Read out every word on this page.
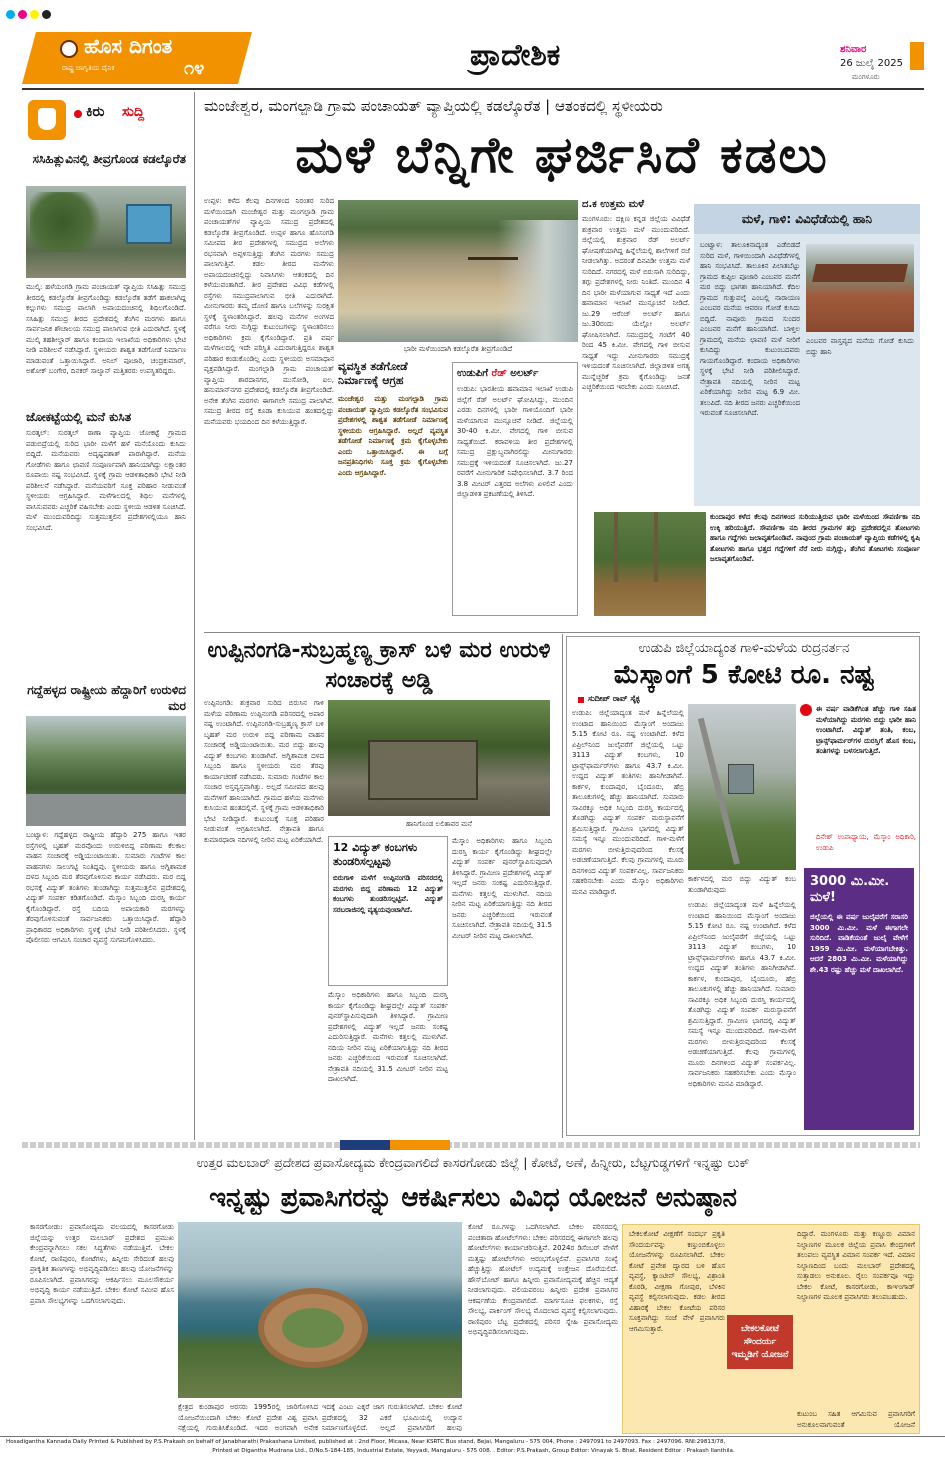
ಹೊಸ ದಿಗಂತ
ರಾಷ್ಟ್ರ ಜಾಗೃತಿಯ ದೈನಿಕ	೧೪	ಪ್ರಾದೇಶಿಕ	ಶನಿವಾರ
26 ಜುಲೈ 2025
ಮಂಗಳೂರು
ಕಿರು ಸುದ್ದಿ
ಸಸಿಹಿತ್ಲುವಿನಲ್ಲಿ ತೀವ್ರಗೊಂಡ ಕಡಲ್ಕೊರೆತ
ಮುಲ್ಕಿ: ಹಳೆಯಂಗಡಿ ಗ್ರಾಮ ಪಂಚಾಯತ್ ವ್ಯಾಪ್ತಿಯ ಸಸಿಹಿತ್ಲು ಸಮುದ್ರ ತೀರದಲ್ಲಿ ಕಡಲ್ಕೊರೆತ ತೀವ್ರಗೊಂಡಿದ್ದು ಕಡಲ್ಕೊರೆತ ತಡೆಗೆ ಹಾಕಲಾಗಿದ್ದ ಕಲ್ಲುಗಳು ಸಮುದ್ರ ಪಾಲಾಗಿ ಅಪಾಯದಂಚಿನಲ್ಲಿ ಶಿಥಿಲಗೊಂಡಿದೆ. ಸಸಿಹಿತ್ಲು ಸಮುದ್ರ ತೀರದ ಪ್ರದೇಶದಲ್ಲಿ ತೆಂಗಿನ ಮರಗಳು ಹಾಗೂ ಸಾರ್ವಜನಿಕ ಶೌಚಾಲಯ ಸಮುದ್ರ ಪಾಲಾಗುವ ಭೀತಿ ಎದುರಾಗಿದೆ. ಸ್ಥಳಕ್ಕೆ ಮುಲ್ಕಿ ತಹಶೀಲ್ದಾರ್ ಹಾಗೂ ಕಂದಾಯ ಇಲಾಖೆಯ ಅಧಿಕಾರಿಗಳು ಭೇಟಿ ನೀಡಿ ಪರಿಶೀಲನೆ ನಡೆಸಿದ್ದಾರೆ. ಸ್ಥಳೀಯರು ಶಾಶ್ವತ ತಡೆಗೋಡೆ ನಿರ್ಮಾಣ ಮಾಡುವಂತೆ ಒತ್ತಾಯಿಸಿದ್ದಾರೆ. ಅನಿಲ್ ಪೂಜಾರಿ, ಚಂದ್ರಕುಮಾರ್, ಅಶೋಕ್ ಬಂಗೇರ, ದಿನಕರ್ ಸಾಲ್ಯಾನ್ ಮತ್ತಿತರರು ಉಪಸ್ಥಿತರಿದ್ದರು.
ಜೋಕಟ್ಟೆಯಲ್ಲಿ ಮನೆ ಕುಸಿತ
ಸುರತ್ಕಲ್: ಸುರತ್ಕಲ್ ಠಾಣಾ ವ್ಯಾಪ್ತಿಯ ಜೋಕಟ್ಟೆ ಗ್ರಾಮದ ಪಡುಬಿದ್ರೆಯಲ್ಲಿ ಸುರಿದ ಭಾರೀ ಮಳೆಗೆ ಹಳೆ ಮನೆಯೊಂದು ಕುಸಿದು ಬಿದ್ದಿದೆ. ಮನೆಯವರು ಅದೃಷ್ಟವಶಾತ್ ಪಾರಾಗಿದ್ದಾರೆ. ಮನೆಯ ಗೋಡೆಗಳು ಹಾಗೂ ಛಾವಣಿ ಸಂಪೂರ್ಣವಾಗಿ ಹಾನಿಯಾಗಿದ್ದು ಲಕ್ಷಾಂತರ ರೂಪಾಯಿ ನಷ್ಟ ಸಂಭವಿಸಿದೆ. ಸ್ಥಳಕ್ಕೆ ಗ್ರಾಮ ಆಡಳಿತಾಧಿಕಾರಿ ಭೇಟಿ ನೀಡಿ ಪರಿಶೀಲನೆ ನಡೆಸಿದ್ದಾರೆ. ಮನೆಯವರಿಗೆ ಸೂಕ್ತ ಪರಿಹಾರ ನೀಡುವಂತೆ ಸ್ಥಳೀಯರು ಆಗ್ರಹಿಸಿದ್ದಾರೆ. ಮಳೆಗಾಲದಲ್ಲಿ ಶಿಥಿಲ ಮನೆಗಳಲ್ಲಿ ವಾಸಿಸುವವರು ಎಚ್ಚರಿಕೆ ವಹಿಸಬೇಕು ಎಂದು ಸ್ಥಳೀಯ ಆಡಳಿತ ಸೂಚಿಸಿದೆ. ಮಳೆ ಮುಂದುವರಿದಿದ್ದು ಸುತ್ತಮುತ್ತಲಿನ ಪ್ರದೇಶಗಳಲ್ಲಿಯೂ ಹಾನಿ ಸಂಭವಿಸಿದೆ.
ಗದ್ದೆಹಳ್ಳದ ರಾಷ್ಟ್ರೀಯ ಹೆದ್ದಾರಿಗೆ ಉರುಳಿದ ಮರ
ಬಂಟ್ವಾಳ: ಗದ್ದೆಹಳ್ಳದ ರಾಷ್ಟ್ರೀಯ ಹೆದ್ದಾರಿ 275 ಹಾಗೂ ಇತರ ರಸ್ತೆಗಳಲ್ಲಿ ಬೃಹತ್ ಮರವೊಂದು ಉರುಳಿಬಿದ್ದ ಪರಿಣಾಮ ಕೆಲಕಾಲ ವಾಹನ ಸಂಚಾರಕ್ಕೆ ಅಡ್ಡಿಯುಂಟಾಯಿತು. ಸುಮಾರು ಗಂಟೆಗಳ ಕಾಲ ವಾಹನಗಳು ಸಾಲುಗಟ್ಟಿ ನಿಂತಿದ್ದವು. ಸ್ಥಳೀಯರು ಹಾಗೂ ಅಗ್ನಿಶಾಮಕ ದಳದ ಸಿಬ್ಬಂದಿ ಮರ ತೆರವುಗೊಳಿಸುವ ಕಾರ್ಯ ನಡೆಸಿದರು. ಮರ ಬಿದ್ದ ರಭಸಕ್ಕೆ ವಿದ್ಯುತ್ ತಂತಿಗಳು ತುಂಡಾಗಿದ್ದು ಸುತ್ತಮುತ್ತಲಿನ ಪ್ರದೇಶದಲ್ಲಿ ವಿದ್ಯುತ್ ಸಂಪರ್ಕ ಕಡಿತಗೊಂಡಿದೆ. ಮೆಸ್ಕಾಂ ಸಿಬ್ಬಂದಿ ದುರಸ್ತಿ ಕಾರ್ಯ ಕೈಗೊಂಡಿದ್ದಾರೆ. ರಸ್ತೆ ಬದಿಯ ಅಪಾಯಕಾರಿ ಮರಗಳನ್ನು ತೆರವುಗೊಳಿಸುವಂತೆ ಸಾರ್ವಜನಿಕರು ಒತ್ತಾಯಿಸಿದ್ದಾರೆ. ಹೆದ್ದಾರಿ ಪ್ರಾಧಿಕಾರದ ಅಧಿಕಾರಿಗಳು ಸ್ಥಳಕ್ಕೆ ಭೇಟಿ ನೀಡಿ ಪರಿಶೀಲಿಸಿದರು. ಸ್ಥಳಕ್ಕೆ ಪೊಲೀಸರು ಆಗಮಿಸಿ ಸಂಚಾರ ವ್ಯವಸ್ಥೆ ಸುಗಮಗೊಳಿಸಿದರು.
ಮಂಜೇಶ್ವರ, ಮಂಗಲ್ಪಾಡಿ ಗ್ರಾಮ ಪಂಚಾಯತ್ ವ್ಯಾಪ್ತಿಯಲ್ಲಿ ಕಡಲ್ಕೊರೆತ | ಆತಂಕದಲ್ಲಿ ಸ್ಥಳೀಯರು
ಮಳೆ ಬೆನ್ನಿಗೇ ಘರ್ಜಿಸಿದೆ ಕಡಲು
ಉಪ್ಪಳ: ಕಳೆದ ಕೆಲವು ದಿನಗಳಿಂದ ನಿರಂತರ ಸುರಿದ ಮಳೆಯಿಂದಾಗಿ ಮಂಜೇಶ್ವರ ಮತ್ತು ಮಂಗಲ್ಪಾಡಿ ಗ್ರಾಮ ಪಂಚಾಯತ್‌ಗಳ ವ್ಯಾಪ್ತಿಯ ಸಮುದ್ರ ಪ್ರದೇಶದಲ್ಲಿ ಕಡಲ್ಕೊರೆತ ತೀವ್ರಗೊಂಡಿದೆ. ಉಪ್ಪಳ ಹಾಗೂ ಹೊಸಂಗಡಿ ಸಮೀಪದ ತೀರ ಪ್ರದೇಶಗಳಲ್ಲಿ ಸಮುದ್ರದ ಅಲೆಗಳು ರಭಸವಾಗಿ ಅಪ್ಪಳಿಸುತ್ತಿದ್ದು ತೆಂಗಿನ ಮರಗಳು ಸಮುದ್ರ ಪಾಲಾಗುತ್ತಿವೆ. ಕಡಲ ತೀರದ ಮನೆಗಳು ಅಪಾಯದಂಚಿನಲ್ಲಿದ್ದು ನಿವಾಸಿಗಳು ಆತಂಕದಲ್ಲಿ ದಿನ ಕಳೆಯುವಂತಾಗಿದೆ. ತೀರ ಪ್ರದೇಶದ ವಿವಿಧ ಕಡೆಗಳಲ್ಲಿ ರಸ್ತೆಗಳು ಸಮುದ್ರಪಾಲಾಗುವ ಭೀತಿ ಎದುರಾಗಿದೆ. ಮೀನುಗಾರರು ತಮ್ಮ ದೋಣಿ ಹಾಗೂ ಬಲೆಗಳನ್ನು ಸುರಕ್ಷಿತ ಸ್ಥಳಕ್ಕೆ ಸ್ಥಳಾಂತರಿಸಿದ್ದಾರೆ. ಹಲವು ಮನೆಗಳ ಅಂಗಳದ ವರೆಗೂ ನೀರು ನುಗ್ಗಿದ್ದು ಕುಟುಂಬಗಳನ್ನು ಸ್ಥಳಾಂತರಿಸಲು ಅಧಿಕಾರಿಗಳು ಕ್ರಮ ಕೈಗೊಂಡಿದ್ದಾರೆ. ಪ್ರತಿ ವರ್ಷ ಮಳೆಗಾಲದಲ್ಲಿ ಇದೇ ಪರಿಸ್ಥಿತಿ ಎದುರಾಗುತ್ತಿದ್ದರೂ ಶಾಶ್ವತ ಪರಿಹಾರ ಕಂಡುಕೊಂಡಿಲ್ಲ ಎಂದು ಸ್ಥಳೀಯರು ಅಸಮಾಧಾನ ವ್ಯಕ್ತಪಡಿಸಿದ್ದಾರೆ. ಮಂಗಲ್ಪಾಡಿ ಗ್ರಾಮ ಪಂಚಾಯತ್ ವ್ಯಾಪ್ತಿಯ ಶಾರದಾನಗರ, ಮುಸೋಡಿ, ಐಲ, ಹನುಮಾನ್‌ನಗರ ಪ್ರದೇಶದಲ್ಲಿ ಕಡಲ್ಕೊರೆತ ತೀವ್ರಗೊಂಡಿದೆ. ಅನೇಕ ತೆಂಗಿನ ಮರಗಳು ಈಗಾಗಲೇ ಸಮುದ್ರ ಪಾಲಾಗಿವೆ. ಸಮುದ್ರ ತೀರದ ರಸ್ತೆ ಕೂಡಾ ಕುಸಿಯುವ ಹಂತದಲ್ಲಿದ್ದು ಮನೆಯವರು ಭಯದಿಂದ ದಿನ ಕಳೆಯುತ್ತಿದ್ದಾರೆ.
ಭಾರೀ ಮಳೆಯಿಂದಾಗಿ ಕಡಲ್ಕೊರೆತ ತೀವ್ರಗೊಂಡಿದೆ
ವ್ಯವಸ್ಥಿತ ತಡೆಗೋಡೆ ನಿರ್ಮಾಣಕ್ಕೆ ಆಗ್ರಹ
ಮಂಜೇಶ್ವರ ಮತ್ತು ಮಂಗಲ್ಪಾಡಿ ಗ್ರಾಮ ಪಂಚಾಯತ್ ವ್ಯಾಪ್ತಿಯ ಕಡಲ್ಕೊರೆತ ಸಂಭವಿಸುವ ಪ್ರದೇಶಗಳಲ್ಲಿ ಶಾಶ್ವತ ತಡೆಗೋಡೆ ನಿರ್ಮಾಣಕ್ಕೆ ಸ್ಥಳೀಯರು ಆಗ್ರಹಿಸಿದ್ದಾರೆ. ಅಲ್ಲದೆ ವ್ಯವಸ್ಥಿತ ತಡೆಗೋಡೆ ನಿರ್ಮಾಣಕ್ಕೆ ಕ್ರಮ ಕೈಗೊಳ್ಳಬೇಕು ಎಂದು ಒತ್ತಾಯಿಸಿದ್ದಾರೆ. ಈ ಬಗ್ಗೆ ಜನಪ್ರತಿನಿಧಿಗಳು ಸೂಕ್ತ ಕ್ರಮ ಕೈಗೊಳ್ಳಬೇಕು ಎಂದು ಆಗ್ರಹಿಸಿದ್ದಾರೆ.
ಉಡುಪಿಗೆ ರೆಡ್ ಅಲರ್ಟ್
ಉಡುಪಿ: ಭಾರತೀಯ ಹವಾಮಾನ ಇಲಾಖೆ ಉಡುಪಿ ಜಿಲ್ಲೆಗೆ ರೆಡ್ ಅಲರ್ಟ್ ಘೋಷಿಸಿದ್ದು, ಮುಂದಿನ ಎರಡು ದಿನಗಳಲ್ಲಿ ಭಾರೀ ಗಾಳಿಯೊಂದಿಗೆ ಭಾರೀ ಮಳೆಯಾಗುವ ಮುನ್ಸೂಚನೆ ನೀಡಿದೆ. ಜಿಲ್ಲೆಯಲ್ಲಿ 30-40 ಕಿ.ಮೀ. ವೇಗದಲ್ಲಿ ಗಾಳಿ ಬೀಸುವ ಸಾಧ್ಯತೆಯಿದೆ. ಕರಾವಳಿಯ ತೀರ ಪ್ರದೇಶಗಳಲ್ಲಿ ಸಮುದ್ರ ಪ್ರಕ್ಷುಬ್ಧವಾಗಿರಲಿದ್ದು ಮೀನುಗಾರರು ಸಮುದ್ರಕ್ಕೆ ಇಳಿಯದಂತೆ ಸೂಚಿಸಲಾಗಿದೆ. ಜು.27 ರವರೆಗೆ ಮೀನುಗಾರಿಕೆ ನಿಷೇಧಿಸಲಾಗಿದೆ. 3.7 ರಿಂದ 3.8 ಮೀಟರ್ ಎತ್ತರದ ಅಲೆಗಳು ಏಳಲಿವೆ ಎಂದು ಜಿಲ್ಲಾಡಳಿತ ಪ್ರಕಟಣೆಯಲ್ಲಿ ತಿಳಿಸಿದೆ.
ದ.ಕ ಉತ್ತಮ ಮಳೆ
ಮಂಗಳೂರು: ದಕ್ಷಿಣ ಕನ್ನಡ ಜಿಲ್ಲೆಯ ವಿವಿಧೆಡೆ ಶುಕ್ರವಾರ ಉತ್ತಮ ಮಳೆ ಮುಂದುವರಿದಿದೆ. ಜಿಲ್ಲೆಯಲ್ಲಿ ಶುಕ್ರವಾರ ರೆಡ್ ಅಲರ್ಟ್ ಘೋಷಣೆಯಾಗಿದ್ದ ಹಿನ್ನೆಲೆಯಲ್ಲಿ ಶಾಲೆಗಳಿಗೆ ರಜೆ ನೀಡಲಾಗಿತ್ತು. ಅದರಂತೆ ದಿನವಿಡೀ ಉತ್ತಮ ಮಳೆ ಸುರಿದಿದೆ. ನಗರದಲ್ಲಿ ಮಳೆ ಬಿರುಸಾಗಿ ಸುರಿದಿದ್ದು, ತಗ್ಗು ಪ್ರದೇಶಗಳಲ್ಲಿ ನೀರು ನಿಂತಿದೆ. ಮುಂದಿನ 4 ದಿನ ಭಾರೀ ಮಳೆಯಾಗುವ ಸಾಧ್ಯತೆ ಇದೆ ಎಂದು ಹವಾಮಾನ ಇಲಾಖೆ ಮುನ್ಸೂಚನೆ ನೀಡಿದೆ. ಜು.29 ಆರೆಂಜ್ ಅಲರ್ಟ್ ಹಾಗೂ ಜು.30ರಂದು ಯೆಲ್ಲೋ ಅಲರ್ಟ್ ಘೋಷಿಸಲಾಗಿದೆ. ಸಮುದ್ರದಲ್ಲಿ ಗಂಟೆಗೆ 40 ರಿಂದ 45 ಕಿ.ಮೀ. ವೇಗದಲ್ಲಿ ಗಾಳಿ ಬೀಸುವ ಸಾಧ್ಯತೆ ಇದ್ದು ಮೀನುಗಾರರು ಸಮುದ್ರಕ್ಕೆ ಇಳಿಯದಂತೆ ಸೂಚಿಸಲಾಗಿದೆ. ಜಿಲ್ಲಾಡಳಿತ ಅಗತ್ಯ ಮುನ್ನೆಚ್ಚರಿಕೆ ಕ್ರಮ ಕೈಗೊಂಡಿದ್ದು ಜನತೆ ಎಚ್ಚರಿಕೆಯಿಂದ ಇರಬೇಕು ಎಂದು ಸೂಚಿಸಿದೆ.
ಮಳೆ, ಗಾಳಿ: ವಿವಿಧೆಡೆಯಲ್ಲಿ ಹಾನಿ
ಬಂಟ್ವಾಳ: ತಾಲೂಕಿನಾದ್ಯಂತ ಎಡೆಬಿಡದೆ ಸುರಿದ ಮಳೆ, ಗಾಳಿಯಿಂದಾಗಿ ವಿವಿಧೆಡೆಗಳಲ್ಲಿ ಹಾನಿ ಸಂಭವಿಸಿದೆ. ತಾಲೂಕಿನ ಪಿಲಾತಬೆಟ್ಟು ಗ್ರಾಮದ ಕುಪ್ಪಿಲ ಪೂಜಾರಿ ಎಂಬವರ ಮನೆಗೆ ಮರ ಬಿದ್ದು ಭಾಗಶಃ ಹಾನಿಯಾಗಿದೆ. ಕೆದಿಲ ಗ್ರಾಮದ ಗುತ್ತುಪಲ್ಕೆ ಎಂಬಲ್ಲಿ ನಾರಾಯಣ ಎಂಬವರ ಮನೆಯ ಆವರಣ ಗೋಡೆ ಕುಸಿದು ಬಿದ್ದಿದೆ. ನಾವೂರು ಗ್ರಾಮದ ಸುಂದರ ಎಂಬವರ ಮನೆಗೆ ಹಾನಿಯಾಗಿದೆ. ಬಾಳ್ತಿಲ ಗ್ರಾಮದಲ್ಲಿ ಮನೆಯ ಛಾವಣಿ ಮಳೆ ನೀರಿಗೆ ಕುಸಿದಿದ್ದು ಕುಟುಂಬದವರು ಗಾಯಗೊಂಡಿದ್ದಾರೆ. ಕಂದಾಯ ಅಧಿಕಾರಿಗಳು ಸ್ಥಳಕ್ಕೆ ಭೇಟಿ ನೀಡಿ ಪರಿಶೀಲಿಸಿದ್ದಾರೆ. ನೇತ್ರಾವತಿ ನದಿಯಲ್ಲಿ ನೀರಿನ ಮಟ್ಟ ಏರಿಕೆಯಾಗಿದ್ದು ನೀರಿನ ಮಟ್ಟ 6.9 ಮೀ. ತಲುಪಿದೆ. ನದಿ ತೀರದ ಜನರು ಎಚ್ಚರಿಕೆಯಿಂದ ಇರುವಂತೆ ಸೂಚಿಸಲಾಗಿದೆ.
ಎಂಬವರ ವಾಸ್ತವ್ಯದ ಮನೆಯ ಗೋಡೆ ಕುಸಿದು ಬಿದ್ದು ಹಾನಿ
ಕುಂದಾಪುರ ಕಳೆದ ಕೆಲವು ದಿನಗಳಿಂದ ಸುರಿಯುತ್ತಿರುವ ಭಾರೀ ಮಳೆಯಿಂದ ಸೌಪರ್ಣಿಕಾ ನದಿ ಉಕ್ಕಿ ಹರಿಯುತ್ತಿದೆ. ಸೌಪರ್ಣಿಕಾ ನದಿ ತೀರದ ಗ್ರಾಮಗಳ ತಗ್ಗು ಪ್ರದೇಶದಲ್ಲಿನ ತೋಟಗಳು ಹಾಗೂ ಗದ್ದೆಗಳು ಜಲಾವೃತಗೊಂಡಿವೆ. ನಾವುಂದ ಗ್ರಾಮ ಪಂಚಾಯತ್ ವ್ಯಾಪ್ತಿಯ ಕಡೆಗಳಲ್ಲಿ ಕೃಷಿ ತೋಟಗಳು ಹಾಗೂ ಭತ್ತದ ಗದ್ದೆಗಳಿಗೆ ನೆರೆ ನೀರು ನುಗ್ಗಿದ್ದು, ತೆಂಗಿನ ತೋಟಗಳು ಸಂಪೂರ್ಣ ಜಲಾವೃತಗೊಂಡಿವೆ.
ಉಪ್ಪಿನಂಗಡಿ-ಸುಬ್ರಹ್ಮಣ್ಯ ಕ್ರಾಸ್ ಬಳಿ ಮರ ಉರುಳಿ ಸಂಚಾರಕ್ಕೆ ಅಡ್ಡಿ
ಉಪ್ಪಿನಂಗಡಿ: ಶುಕ್ರವಾರ ಸುರಿದ ಬಿರುಸಿನ ಗಾಳಿ ಮಳೆಯ ಪರಿಣಾಮ ಉಪ್ಪಿನಂಗಡಿ ಪರಿಸರದಲ್ಲಿ ಅಪಾರ ನಷ್ಟ ಉಂಟಾಗಿದೆ. ಉಪ್ಪಿನಂಗಡಿ-ಸುಬ್ರಹ್ಮಣ್ಯ ಕ್ರಾಸ್ ಬಳಿ ಬೃಹತ್ ಮರ ಉರುಳಿ ಬಿದ್ದ ಪರಿಣಾಮ ವಾಹನ ಸಂಚಾರಕ್ಕೆ ಅಡ್ಡಿಯುಂಟಾಯಿತು. ಮರ ಬಿದ್ದು ಹಲವು ವಿದ್ಯುತ್ ಕಂಬಗಳು ತುಂಡಾಗಿವೆ. ಅಗ್ನಿಶಾಮಕ ದಳದ ಸಿಬ್ಬಂದಿ ಹಾಗೂ ಸ್ಥಳೀಯರು ಮರ ತೆರವು ಕಾರ್ಯಾಚರಣೆ ನಡೆಸಿದರು. ಸುಮಾರು ಗಂಟೆಗಳ ಕಾಲ ಸಂಚಾರ ಅಸ್ತವ್ಯಸ್ತವಾಗಿತ್ತು. ಅಲ್ಲದೆ ಸಮೀಪದ ಹಲವು ಮನೆಗಳಿಗೆ ಹಾನಿಯಾಗಿದೆ. ಗ್ರಾಮದ ಹಳೆಯ ಮನೆಗಳು ಕುಸಿಯುವ ಹಂತದಲ್ಲಿವೆ. ಸ್ಥಳಕ್ಕೆ ಗ್ರಾಮ ಆಡಳಿತಾಧಿಕಾರಿ ಭೇಟಿ ನೀಡಿದ್ದಾರೆ. ಕುಟುಂಬಕ್ಕೆ ಸೂಕ್ತ ಪರಿಹಾರ ನೀಡುವಂತೆ ಆಗ್ರಹಿಸಲಾಗಿದೆ. ನೇತ್ರಾವತಿ ಹಾಗೂ ಕುಮಾರಧಾರಾ ನದಿಗಳಲ್ಲಿ ನೀರಿನ ಮಟ್ಟ ಏರಿಕೆಯಾಗಿದೆ.
ಹಾನಿಗೊಂಡ ಲಲಿತಾವರ ಮನೆ
12 ವಿದ್ಯುತ್ ಕಂಬಗಳು ತುಂಡರಿಸಲ್ಪಟ್ಟವು
ಬಿರುಗಾಳಿ ಮಳೆಗೆ ಉಪ್ಪಿನಂಗಡಿ ಪರಿಸರದಲ್ಲಿ ಮರಗಳು ಬಿದ್ದ ಪರಿಣಾಮ 12 ವಿದ್ಯುತ್ ಕಂಬಗಳು ತುಂಡರಿಸಲ್ಪಟ್ಟಿವೆ. ವಿದ್ಯುತ್ ಸರಬರಾಜಿನಲ್ಲಿ ವ್ಯತ್ಯಯವುಂಟಾಗಿದೆ.
ಮೆಸ್ಕಾಂ ಅಧಿಕಾರಿಗಳು ಹಾಗೂ ಸಿಬ್ಬಂದಿ ದುರಸ್ತಿ ಕಾರ್ಯ ಕೈಗೊಂಡಿದ್ದು ಶೀಘ್ರದಲ್ಲೇ ವಿದ್ಯುತ್ ಸಂಪರ್ಕ ಪುನರ್‌ಸ್ಥಾಪಿಸುವುದಾಗಿ ತಿಳಿಸಿದ್ದಾರೆ. ಗ್ರಾಮೀಣ ಪ್ರದೇಶಗಳಲ್ಲಿ ವಿದ್ಯುತ್ ಇಲ್ಲದೆ ಜನರು ಸಂಕಷ್ಟ ಎದುರಿಸುತ್ತಿದ್ದಾರೆ. ಮನೆಗಳು ಕತ್ತಲಲ್ಲಿ ಮುಳುಗಿವೆ. ನದಿಯ ನೀರಿನ ಮಟ್ಟ ಏರಿಕೆಯಾಗುತ್ತಿದ್ದು ನದಿ ತೀರದ ಜನರು ಎಚ್ಚರಿಕೆಯಿಂದ ಇರುವಂತೆ ಸೂಚಿಸಲಾಗಿದೆ. ನೇತ್ರಾವತಿ ನದಿಯಲ್ಲಿ 31.5 ಮೀಟರ್ ನೀರಿನ ಮಟ್ಟ ದಾಖಲಾಗಿದೆ.
ಮೆಸ್ಕಾಂ ಅಧಿಕಾರಿಗಳು ಹಾಗೂ ಸಿಬ್ಬಂದಿ ದುರಸ್ತಿ ಕಾರ್ಯ ಕೈಗೊಂಡಿದ್ದು ಶೀಘ್ರದಲ್ಲೇ ವಿದ್ಯುತ್ ಸಂಪರ್ಕ ಪುನರ್‌ಸ್ಥಾಪಿಸುವುದಾಗಿ ತಿಳಿಸಿದ್ದಾರೆ. ಗ್ರಾಮೀಣ ಪ್ರದೇಶಗಳಲ್ಲಿ ವಿದ್ಯುತ್ ಇಲ್ಲದೆ ಜನರು ಸಂಕಷ್ಟ ಎದುರಿಸುತ್ತಿದ್ದಾರೆ. ಮನೆಗಳು ಕತ್ತಲಲ್ಲಿ ಮುಳುಗಿವೆ. ನದಿಯ ನೀರಿನ ಮಟ್ಟ ಏರಿಕೆಯಾಗುತ್ತಿದ್ದು ನದಿ ತೀರದ ಜನರು ಎಚ್ಚರಿಕೆಯಿಂದ ಇರುವಂತೆ ಸೂಚಿಸಲಾಗಿದೆ. ನೇತ್ರಾವತಿ ನದಿಯಲ್ಲಿ 31.5 ಮೀಟರ್ ನೀರಿನ ಮಟ್ಟ ದಾಖಲಾಗಿದೆ.
ಉಡುಪಿ ಜಿಲ್ಲೆಯಾದ್ಯಂತ ಗಾಳಿ-ಮಳೆಯ ರುದ್ರನರ್ತನ
ಮೆಸ್ಕಾಂಗೆ 5 ಕೋಟಿ ರೂ. ನಷ್ಟ
ಸುದೀಪ್ ರಾವ್ ಸೈಕ್ಳ
ಉಡುಪಿ: ಜಿಲ್ಲೆಯಾದ್ಯಂತ ಮಳೆ ಹಿನ್ನೆಲೆಯಲ್ಲಿ ಉಂಟಾದ ಹಾನಿಯಿಂದ ಮೆಸ್ಕಾಂಗೆ ಅಂದಾಜು 5.15 ಕೋಟಿ ರೂ. ನಷ್ಟ ಉಂಟಾಗಿದೆ. ಕಳೆದ ಏಪ್ರಿಲ್‌ನಿಂದ ಜುಲೈವರೆಗೆ ಜಿಲ್ಲೆಯಲ್ಲಿ ಒಟ್ಟು 3113 ವಿದ್ಯುತ್ ಕಂಬಗಳು, 10 ಟ್ರಾನ್ಸ್‌ಫಾರ್ಮರ್‌ಗಳು ಹಾಗೂ 43.7 ಕಿ.ಮೀ. ಉದ್ದದ ವಿದ್ಯುತ್ ತಂತಿಗಳು ಹಾನಿಗೀಡಾಗಿವೆ. ಕಾರ್ಕಳ, ಕುಂದಾಪುರ, ಬೈಂದೂರು, ಹೆಬ್ರಿ ತಾಲೂಕುಗಳಲ್ಲಿ ಹೆಚ್ಚು ಹಾನಿಯಾಗಿದೆ. ಸುಮಾರು ಸಾವಿರಕ್ಕೂ ಅಧಿಕ ಸಿಬ್ಬಂದಿ ದುರಸ್ತಿ ಕಾರ್ಯದಲ್ಲಿ ತೊಡಗಿದ್ದು ವಿದ್ಯುತ್ ಸಂಪರ್ಕ ಮರುಸ್ಥಾಪನೆಗೆ ಶ್ರಮಿಸುತ್ತಿದ್ದಾರೆ. ಗ್ರಾಮೀಣ ಭಾಗದಲ್ಲಿ ವಿದ್ಯುತ್ ಸಮಸ್ಯೆ ಇನ್ನೂ ಮುಂದುವರಿದಿದೆ. ಗಾಳಿ-ಮಳೆಗೆ ಮರಗಳು ಬೀಳುತ್ತಿರುವುದರಿಂದ ಕೆಲಸಕ್ಕೆ ಅಡಚಣೆಯಾಗುತ್ತಿದೆ. ಕೆಲವು ಗ್ರಾಮಗಳಲ್ಲಿ ಮೂರು ದಿನಗಳಿಂದ ವಿದ್ಯುತ್ ಸಂಪರ್ಕವಿಲ್ಲ. ಸಾರ್ವಜನಿಕರು ಸಹಕರಿಸಬೇಕು ಎಂದು ಮೆಸ್ಕಾಂ ಅಧಿಕಾರಿಗಳು ಮನವಿ ಮಾಡಿದ್ದಾರೆ.
ಕಾರ್ಕಳದಲ್ಲಿ ಮರ ಬಿದ್ದು ವಿದ್ಯುತ್ ಕಂಬ ತುಂಡಾಗಿರುವುದು
ಉಡುಪಿ: ಜಿಲ್ಲೆಯಾದ್ಯಂತ ಮಳೆ ಹಿನ್ನೆಲೆಯಲ್ಲಿ ಉಂಟಾದ ಹಾನಿಯಿಂದ ಮೆಸ್ಕಾಂಗೆ ಅಂದಾಜು 5.15 ಕೋಟಿ ರೂ. ನಷ್ಟ ಉಂಟಾಗಿದೆ. ಕಳೆದ ಏಪ್ರಿಲ್‌ನಿಂದ ಜುಲೈವರೆಗೆ ಜಿಲ್ಲೆಯಲ್ಲಿ ಒಟ್ಟು 3113 ವಿದ್ಯುತ್ ಕಂಬಗಳು, 10 ಟ್ರಾನ್ಸ್‌ಫಾರ್ಮರ್‌ಗಳು ಹಾಗೂ 43.7 ಕಿ.ಮೀ. ಉದ್ದದ ವಿದ್ಯುತ್ ತಂತಿಗಳು ಹಾನಿಗೀಡಾಗಿವೆ. ಕಾರ್ಕಳ, ಕುಂದಾಪುರ, ಬೈಂದೂರು, ಹೆಬ್ರಿ ತಾಲೂಕುಗಳಲ್ಲಿ ಹೆಚ್ಚು ಹಾನಿಯಾಗಿದೆ. ಸುಮಾರು ಸಾವಿರಕ್ಕೂ ಅಧಿಕ ಸಿಬ್ಬಂದಿ ದುರಸ್ತಿ ಕಾರ್ಯದಲ್ಲಿ ತೊಡಗಿದ್ದು ವಿದ್ಯುತ್ ಸಂಪರ್ಕ ಮರುಸ್ಥಾಪನೆಗೆ ಶ್ರಮಿಸುತ್ತಿದ್ದಾರೆ. ಗ್ರಾಮೀಣ ಭಾಗದಲ್ಲಿ ವಿದ್ಯುತ್ ಸಮಸ್ಯೆ ಇನ್ನೂ ಮುಂದುವರಿದಿದೆ. ಗಾಳಿ-ಮಳೆಗೆ ಮರಗಳು ಬೀಳುತ್ತಿರುವುದರಿಂದ ಕೆಲಸಕ್ಕೆ ಅಡಚಣೆಯಾಗುತ್ತಿದೆ. ಕೆಲವು ಗ್ರಾಮಗಳಲ್ಲಿ ಮೂರು ದಿನಗಳಿಂದ ವಿದ್ಯುತ್ ಸಂಪರ್ಕವಿಲ್ಲ. ಸಾರ್ವಜನಿಕರು ಸಹಕರಿಸಬೇಕು ಎಂದು ಮೆಸ್ಕಾಂ ಅಧಿಕಾರಿಗಳು ಮನವಿ ಮಾಡಿದ್ದಾರೆ.
ಈ ವರ್ಷ ವಾಡಿಕೆಗಿಂತ ಹೆಚ್ಚು ಗಾಳಿ ಸಹಿತ ಮಳೆಯಾಗಿದ್ದು ಮರಗಳು ಬಿದ್ದು ಭಾರೀ ಹಾನಿ ಉಂಟಾಗಿದೆ. ವಿದ್ಯುತ್ ತಂತಿ, ಕಂಬ, ಟ್ರಾನ್ಸ್‌ಫಾರ್ಮರ್‌ಗಳ ದುರಸ್ತಿಗೆ ಹೊಸ ಕಂಬ, ತಂತಿಗಳನ್ನು ಬಳಸಲಾಗುತ್ತಿದೆ.
ದಿನೇಶ್ ಉಪಾಧ್ಯಾಯ, ಮೆಸ್ಕಾಂ ಅಧಿಕಾರಿ, ಉಡುಪಿ
3000 ಮಿ.ಮೀ. ಮಳೆ!
ಜಿಲ್ಲೆಯಲ್ಲಿ ಈ ವರ್ಷ ಜುಲೈವರೆಗೆ ಸರಾಸರಿ 3000 ಮಿ.ಮೀ. ಮಳೆ ಈಗಾಗಲೇ ಸುರಿದಿದೆ. ವಾಡಿಕೆಯಂತೆ ಜುಲೈ ವೇಳೆಗೆ 1959 ಮಿ.ಮೀ. ಮಳೆಯಾಗಬೇಕಿತ್ತು. ಆದರೆ 2803 ಮಿ.ಮೀ. ಮಳೆಯಾಗಿದ್ದು ಶೇ.43 ರಷ್ಟು ಹೆಚ್ಚು ಮಳೆ ದಾಖಲಾಗಿದೆ.
ಉತ್ತರ ಮಲಬಾರ್ ಪ್ರದೇಶದ ಪ್ರವಾಸೋದ್ಯಮ ಕೇಂದ್ರವಾಗಲಿದೆ ಕಾಸರಗೋಡು ಜಿಲ್ಲೆ | ಕೋಟೆ, ಅಣೆ, ಹಿನ್ನೀರು, ಬೆಟ್ಟಗುಡ್ಡಗಳಿಗೆ ಇನ್ನಷ್ಟು ಲುಕ್
ಇನ್ನಷ್ಟು ಪ್ರವಾಸಿಗರನ್ನು ಆಕರ್ಷಿಸಲು ವಿವಿಧ ಯೋಜನೆ ಅನುಷ್ಠಾನ
ಕಾಸರಗೋಡು: ಪ್ರವಾಸೋದ್ಯಮ ವಲಯದಲ್ಲಿ ಕಾಸರಗೋಡು ಜಿಲ್ಲೆಯನ್ನು ಉತ್ತರ ಮಲಬಾರ್ ಪ್ರದೇಶದ ಪ್ರಮುಖ ಕೇಂದ್ರವನ್ನಾಗಿಸಲು ಸಕಲ ಸಿದ್ಧತೆಗಳು ನಡೆಯುತ್ತಿವೆ. ಬೇಕಲ ಕೋಟೆ, ರಾಣಿಪುರಂ, ಕೋಟೆಗಳು, ಹಿನ್ನೀರು ಸೇರಿದಂತೆ ಹಲವು ಪ್ರಾಕೃತಿಕ ತಾಣಗಳನ್ನು ಅಭಿವೃದ್ಧಿಪಡಿಸಲು ಹಲವು ಯೋಜನೆಗಳನ್ನು ರೂಪಿಸಲಾಗಿದೆ. ಪ್ರವಾಸಿಗರನ್ನು ಆಕರ್ಷಿಸಲು ಮೂಲಸೌಕರ್ಯ ಅಭಿವೃದ್ಧಿ ಕಾರ್ಯ ನಡೆಯುತ್ತಿದೆ. ಬೇಕಲ ಕೋಟೆ ಸಮೀಪ ಹೊಸ ಪ್ರವಾಸಿ ಸೌಲಭ್ಯಗಳನ್ನು ಒದಗಿಸಲಾಗುವುದು.
ಕ್ಷೇತ್ರದ ಕುಂಡಾಪುರ ಅರಸರು 1995ರಲ್ಲಿ ಜಾರಿಗೊಳಿಸಿದ ಯೋಜನೆಯಿಂದಾಗಿ ಬೇಕಲ ಕೋಟೆ ಪ್ರದೇಶ ವಿಶ್ವ ಪ್ರವಾಸಿ ನಕ್ಷೆಯಲ್ಲಿ ಗುರುತಿಸಿಕೊಂಡಿದೆ. ಇದರ ಅಂಗವಾಗಿ ಅನೇಕ
ಇದಕ್ಕೆ ಎಂಟು ಎಕ್ಕರೆ ಜಾಗ ಗುರುತಿಸಲಾಗಿದೆ. ಬೇಕಲ ಕೋಟೆ ಪ್ರದೇಶದಲ್ಲಿ 32 ಎಕರೆ ಭೂಮಿಯಲ್ಲಿ ಉದ್ಯಾನ ನಿರ್ಮಾಣಗೊಳ್ಳಲಿದೆ. ಅಲ್ಲದೆ ಪ್ರವಾಸಿಗರಿಗೆ ಹಲವು
ಕೋಟೆ ರೂ.ಗಳನ್ನು ಒದಗಿಸಲಾಗಿದೆ. ಬೇಕಲ ಪರಿಸರದಲ್ಲಿ ಪಂಚತಾರಾ ಹೋಟೆಲ್‌ಗಳು: ಬೇಕಲ ಪರಿಸರದಲ್ಲಿ ಈಗಾಗಲೇ ಹಲವು ಹೋಟೆಲ್‌ಗಳು ಕಾರ್ಯಾಚರಿಸುತ್ತಿವೆ. 2024ರ ಡಿಸೆಂಬರ್ ವೇಳೆಗೆ ಮತ್ತಷ್ಟು ಹೋಟೆಲ್‌ಗಳು ಆರಂಭಗೊಳ್ಳಲಿವೆ. ಪ್ರವಾಸಿಗರ ಸಂಖ್ಯೆ ಹೆಚ್ಚುತ್ತಿದ್ದು ಹೋಟೆಲ್ ಉದ್ಯಮಕ್ಕೆ ಉತ್ತೇಜನ ದೊರೆಯಲಿದೆ. ಹೌಸ್‌ಬೋಟ್ ಹಾಗೂ ಹಿನ್ನೀರು ಪ್ರವಾಸೋದ್ಯಮಕ್ಕೆ ಹೆಚ್ಚಿನ ಆದ್ಯತೆ ನೀಡಲಾಗುವುದು. ವಲಿಯಪರಂಬ ಹಿನ್ನೀರು ಪ್ರದೇಶ ಪ್ರವಾಸಿಗರ ಆಕರ್ಷಣೆಯ ಕೇಂದ್ರವಾಗಲಿದೆ. ಮಾರ್ಗಸೂಚಿ ಫಲಕಗಳು, ರಸ್ತೆ ಸೌಲಭ್ಯ, ಪಾರ್ಕಿಂಗ್ ಸೌಲಭ್ಯ ಮೊದಲಾದ ವ್ಯವಸ್ಥೆ ಕಲ್ಪಿಸಲಾಗುವುದು. ರಾಣಿಪುರಂ ಬೆಟ್ಟ ಪ್ರದೇಶದಲ್ಲಿ ಪರಿಸರ ಸ್ನೇಹಿ ಪ್ರವಾಸೋದ್ಯಮ ಅಭಿವೃದ್ಧಿಪಡಿಸಲಾಗುವುದು.
ಬೇಕಲಕೋಟೆ ವೀಕ್ಷಣೆಗೆ ಸಂದರ್ಭ ಪ್ರಕೃತಿ ಸೌಂದರ್ಯವನ್ನು ಕಣ್ತುಂಬಿಕೊಳ್ಳಲು ಯೋಜನೆಗಳನ್ನು ರೂಪಿಸಲಾಗಿದೆ. ಬೇಕಲ ಕೋಟೆ ಪ್ರವೇಶ ದ್ವಾರದ ಬಳಿ ಹೊಸ ವ್ಯವಸ್ಥೆ, ಕ್ಯಾಂಟೀನ್ ಸೌಲಭ್ಯ, ವಿಶ್ರಾಂತಿ ಕೊಠಡಿ, ವೀಕ್ಷಣಾ ಗೋಪುರ, ಬೆಳಕಿನ ವ್ಯವಸ್ಥೆ ಕಲ್ಪಿಸಲಾಗುವುದು. ಕಡಲ ತೀರದ ವಿಹಾರಕ್ಕೆ ಬೇಕಲ ಕೋಟೆಯ ಪರಿಸರ ಸೂಕ್ತವಾಗಿದ್ದು ಸಂಜೆ ವೇಳೆ ಪ್ರವಾಸಿಗರು ಆಗಮಿಸುತ್ತಾರೆ.	ಬೇಕಲಕೋಟೆ ಸೌಂದರ್ಯ ಇಮ್ಮಡಿಗೆ ಯೋಜನೆ
ದಿದ್ದಾರೆ. ಮಂಗಳೂರು ಮತ್ತು ಕಣ್ಣೂರು ವಿಮಾನ ನಿಲ್ದಾಣಗಳ ಮೂಲಕ ಜಿಲ್ಲೆಯ ಪ್ರವಾಸಿ ಕೇಂದ್ರಗಳಿಗೆ ತಲುಪಲು ವ್ಯವಸ್ಥಿತ ವಿಮಾನ ಸಂಪರ್ಕ ಇದೆ. ವಿಮಾನ ನಿಲ್ದಾಣದಿಂದ ಬಂದು ಮಲಬಾರ್ ಪ್ರದೇಶದಲ್ಲಿ ಸುತ್ತಾಡಲು ಅನುಕೂಲ. ರೈಲು ಸಂಪರ್ಕವೂ ಇದ್ದು ಬೇಕಲ ಕೋಟೆ, ಕಾಸರಗೋಡು, ಕಾಞಂಗಾಡ್ ನಿಲ್ದಾಣಗಳ ಮೂಲಕ ಪ್ರವಾಸಿಗರು ತಲುಪಬಹುದು.
ಕುಟುಂಬ ಸಹಿತ ಆಗಮಿಸುವ ಪ್ರವಾಸಿಗರಿಗೆ ಅನುಕೂಲವಾಗುವಂತೆ ಯೋಜನೆ
Hosadigantha Kannada Daily Printed & Published by P.S.Prakash on behalf of Janabharathi Prakashana Limited, published at : 2nd Floor, Micasa, Near KSRTC Bus stand, Bejai, Mangaluru - 575 004, Phone : 2497091 to 2497093. Fax : 2497096. RNI:29813/78,
Printed at Digantha Mudrana Ltd., D/No.5-184-185, Industrial Estate, Yeyyadi, Mangaluru - 575 008. . Editor: P.S.Prakash, Group Editor: Vinayak S. Bhat, Resident Editor : Prakash Ilanthila.
